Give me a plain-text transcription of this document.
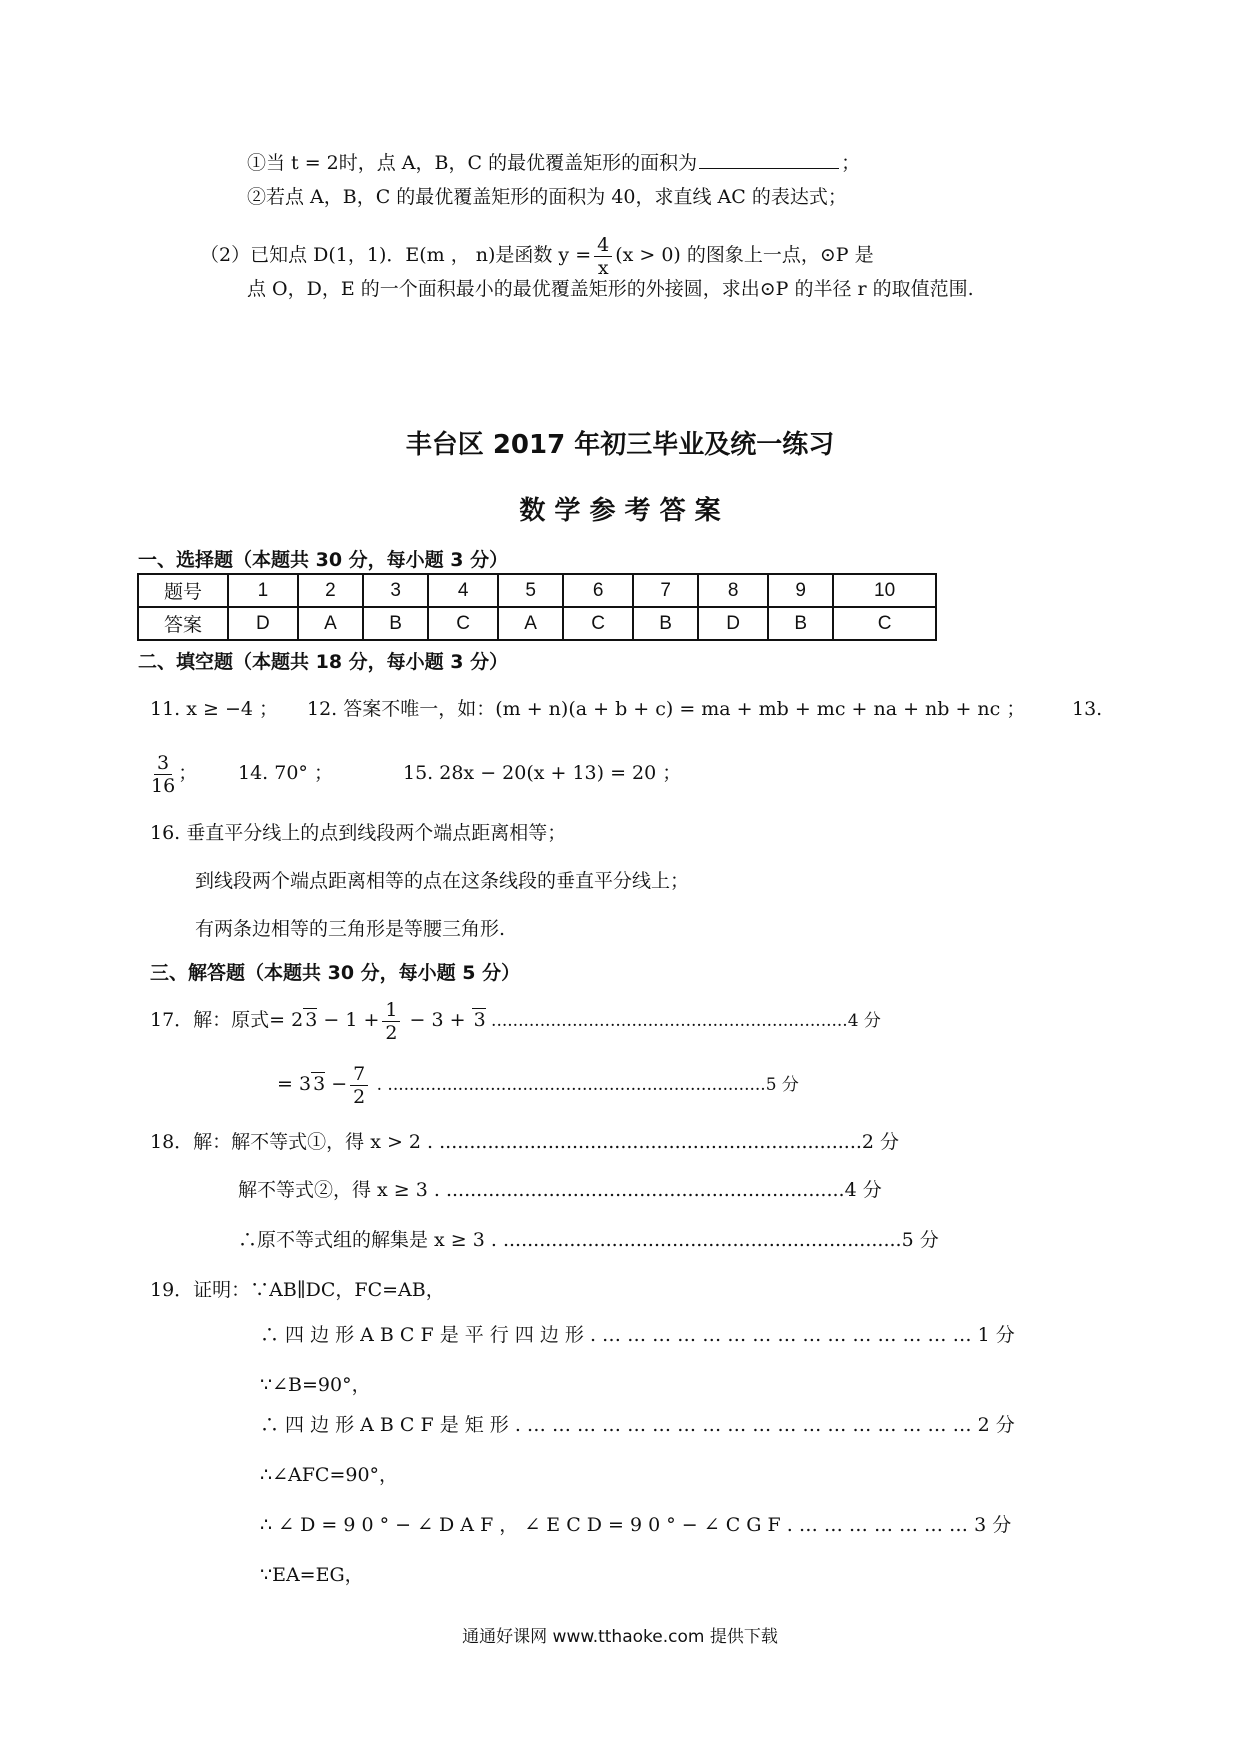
①当 t = 2时，点 A，B，C 的最优覆盖矩形的面积为	；
②若点 A，B，C 的最优覆盖矩形的面积为 40，求直线 AC 的表达式；
（2）已知点 D(1，1)．E(m ， n)是函数 $y = \frac{4}{x} (x > 0)$ 的图象上一点，⊙P 是
点 O，D，E 的一个面积最小的最优覆盖矩形的外接圆，求出⊙P 的半径 r 的取值范围.
丰台区 2017 年初三毕业及统一练习
数 学 参 考 答 案
一、选择题（本题共 30 分，每小题 3 分）
题号	1	2	3	4	5	6	7	8	9	10
答案	D	A	B	C	A	C	B	D	B	C
二、填空题（本题共 18 分，每小题 3 分）
11. x ≥ −4 ； 12. 答案不唯一，如：(m + n)(a + b + c) = ma + mb + mc + na + nb + nc ； 13.
$\frac{3}{16}$ ； 14. 70° ；	15. 28x − 20(x + 13) = 20 ；
16. 垂直平分线上的点到线段两个端点距离相等；
到线段两个端点距离相等的点在这条线段的垂直平分线上；
有两条边相等的三角形是等腰三角形.
三、解答题（本题共 30 分，每小题 5 分）
17．解：原式= 2 $3 - 1 + \frac{1}{2} - 3 + 3$ ..................................................................4 分
= 3 $3 - \frac{7}{2}$ . ......................................................................5 分
18．解：解不等式①，得 x > 2 . ......................................................................2 分
解不等式②，得 x ≥ 3 . ..................................................................4 分
∴原不等式组的解集是 x ≥ 3 . ..................................................................5 分
19．证明：∵AB∥DC，FC=AB，
∴ 四 边 形 A B C F 是 平 行 四 边 形 . … … … … … … … … … … … … … … … 1 分
∵∠B=90°，
∴ 四 边 形 A B C F 是 矩 形 . … … … … … … … … … … … … … … … … … … 2 分
∴∠AFC=90°，
∴ ∠ D = 9 0 ° − ∠ D A F ， ∠ E C D = 9 0 ° − ∠ C G F . … … … … … … … 3 分
∵EA=EG，
通通好课网 www.tthaoke.com 提供下载
